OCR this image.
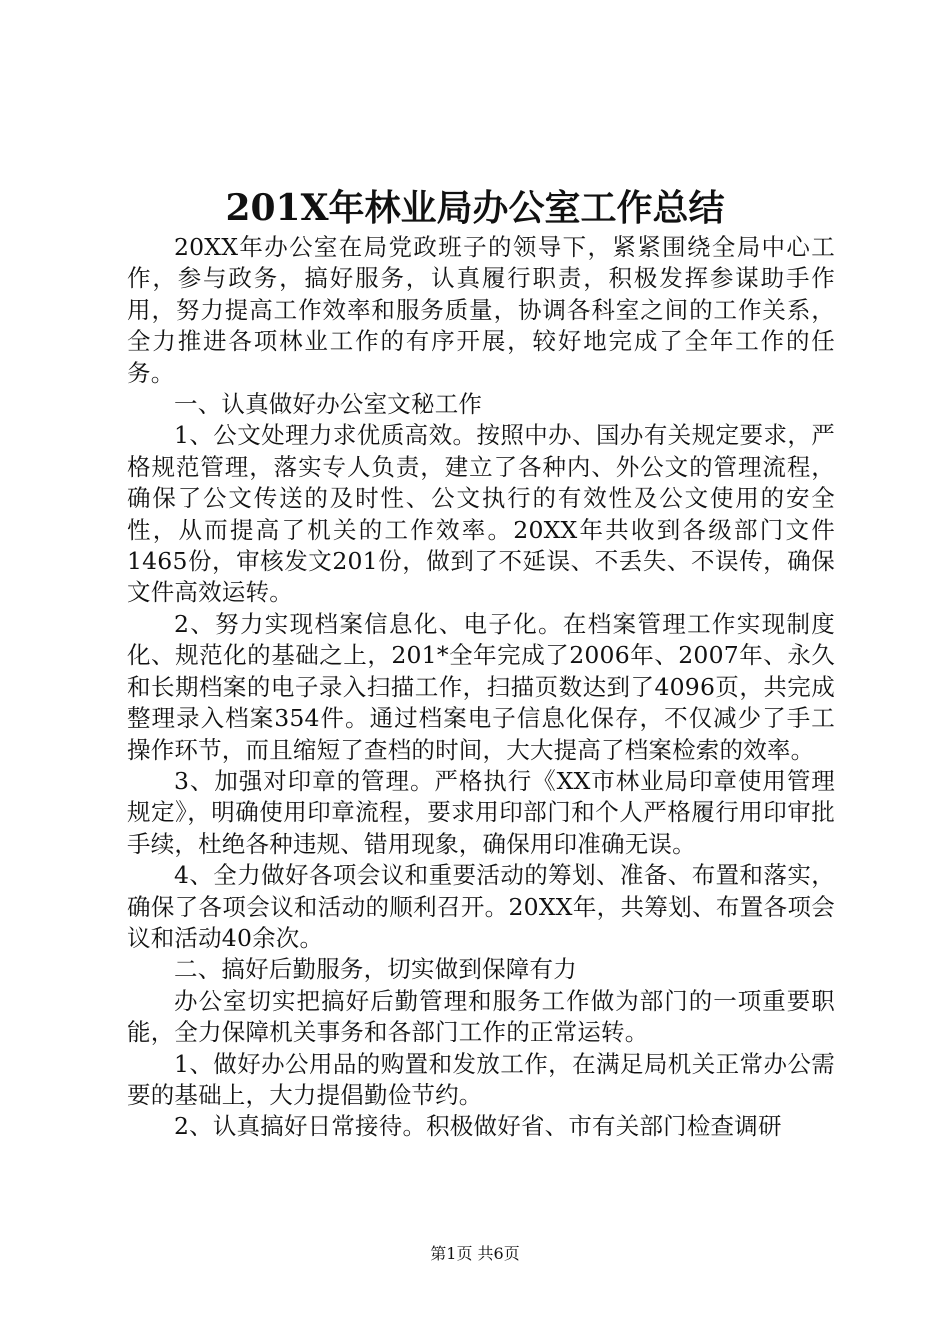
201X年林业局办公室工作总结

20XX年办公室在局党政班子的领导下，紧紧围绕全局中心工作，参与政务，搞好服务，认真履行职责，积极发挥参谋助手作用，努力提高工作效率和服务质量，协调各科室之间的工作关系，全力推进各项林业工作的有序开展，较好地完成了全年工作的任务。

一、认真做好办公室文秘工作

1、公文处理力求优质高效。按照中办、国办有关规定要求，严格规范管理，落实专人负责，建立了各种内、外公文的管理流程，确保了公文传送的及时性、公文执行的有效性及公文使用的安全性，从而提高了机关的工作效率。20XX年共收到各级部门文件1465份，审核发文201份，做到了不延误、不丢失、不误传，确保文件高效运转。

2、努力实现档案信息化、电子化。在档案管理工作实现制度化、规范化的基础之上，201*全年完成了2006年、2007年、永久和长期档案的电子录入扫描工作，扫描页数达到了4096页，共完成整理录入档案354件。通过档案电子信息化保存，不仅减少了手工操作环节，而且缩短了查档的时间，大大提高了档案检索的效率。

3、加强对印章的管理。严格执行《XX市林业局印章使用管理规定》，明确使用印章流程，要求用印部门和个人严格履行用印审批手续，杜绝各种违规、错用现象，确保用印准确无误。

4、全力做好各项会议和重要活动的筹划、准备、布置和落实，确保了各项会议和活动的顺利召开。20XX年，共筹划、布置各项会议和活动40余次。

二、搞好后勤服务，切实做到保障有力

办公室切实把搞好后勤管理和服务工作做为部门的一项重要职能，全力保障机关事务和各部门工作的正常运转。

1、做好办公用品的购置和发放工作，在满足局机关正常办公需要的基础上，大力提倡勤俭节约。

2、认真搞好日常接待。积极做好省、市有关部门检查调研

第1页 共6页
